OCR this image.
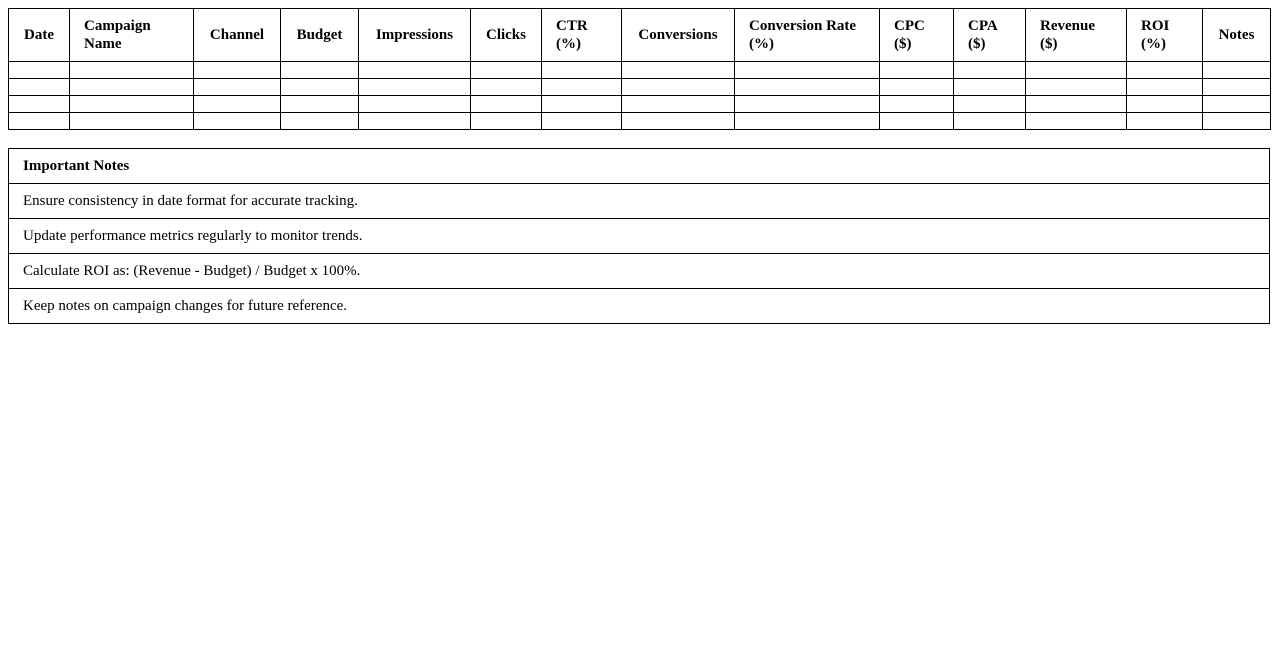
Date	Campaign Name	Channel	Budget	Impressions	Clicks	CTR (%)	Conversions	Conversion Rate (%)	CPC ($)	CPA ($)	Revenue ($)	ROI (%)	Notes

Important Notes
Ensure consistency in date format for accurate tracking.
Update performance metrics regularly to monitor trends.
Calculate ROI as: (Revenue - Budget) / Budget x 100%.
Keep notes on campaign changes for future reference.
